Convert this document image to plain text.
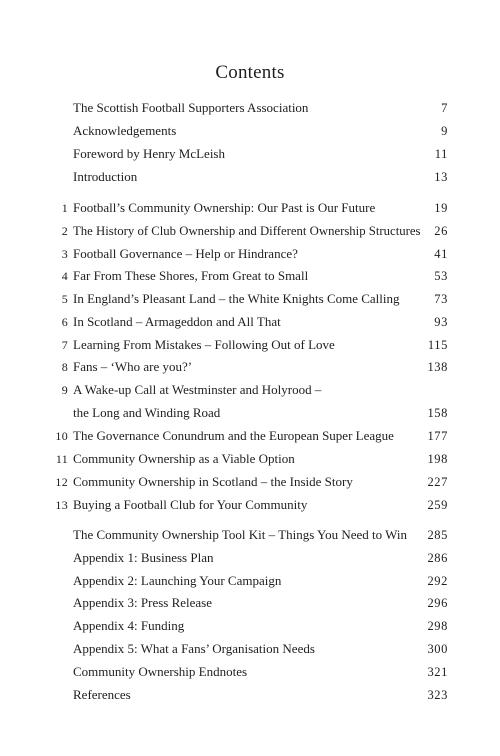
Contents
The Scottish Football Supporters Association	7
Acknowledgements	9
Foreword by Henry McLeish	11
Introduction	13
1 Football’s Community Ownership: Our Past is Our Future	19
2 The History of Club Ownership and Different Ownership Structures 26
3 Football Governance – Help or Hindrance?	41
4 Far From These Shores, From Great to Small	53
5 In England’s Pleasant Land – the White Knights Come Calling	73
6 In Scotland – Armageddon and All That	93
7 Learning From Mistakes – Following Out of Love	115
8 Fans – ‘Who are you?’	138
9 A Wake-up Call at Westminster and Holyrood –
the Long and Winding Road	158
10 The Governance Conundrum and the European Super League	177
11 Community Ownership as a Viable Option	198
12 Community Ownership in Scotland – the Inside Story	227
13 Buying a Football Club for Your Community	259
The Community Ownership Tool Kit – Things You Need to Win 285
Appendix 1: Business Plan	286
Appendix 2: Launching Your Campaign	292
Appendix 3: Press Release	296
Appendix 4: Funding	298
Appendix 5: What a Fans’ Organisation Needs	300
Community Ownership Endnotes	321
References	323
